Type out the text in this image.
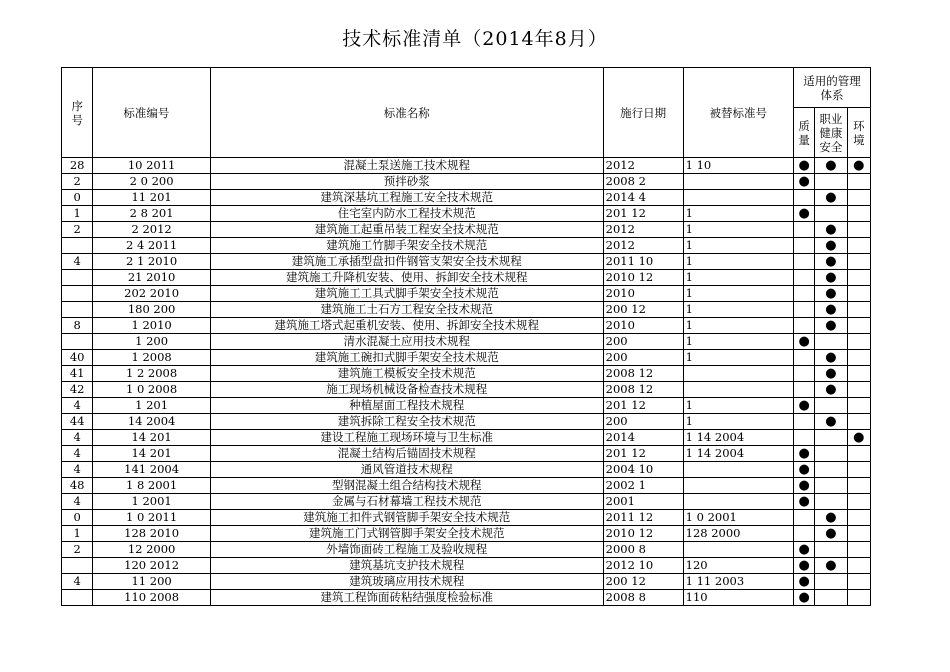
技术标准清单（2014年8月）
序号	标准编号	标准名称	施行日期	被替标准号	适用的管理体系		
					质量	职业健康安全	环境
28	10 2011	混凝土泵送施工技术规程	2012	1 10	●	●	●
2	2 0 200	预拌砂浆	2008 2		●		
0	11 201	建筑深基坑工程施工安全技术规范	2014 4			●	
1	2 8 201	住宅室内防水工程技术规范	201 12	1	●		
2	2 2012	建筑施工起重吊装工程安全技术规范	2012	1		●	
	2 4 2011	建筑施工竹脚手架安全技术规范	2012	1		●	
4	2 1 2010	建筑施工承插型盘扣件钢管支架安全技术规程	2011 10	1		●	
	21 2010	建筑施工升降机安装、使用、拆卸安全技术规程	2010 12	1		●	
	202 2010	建筑施工工具式脚手架安全技术规范	2010	1		●	
	180 200	建筑施工土石方工程安全技术规范	200 12	1		●	
8	1 2010	建筑施工塔式起重机安装、使用、拆卸安全技术规程	2010	1		●	
	1 200	清水混凝土应用技术规程	200	1	●		
40	1 2008	建筑施工碗扣式脚手架安全技术规范	200	1		●	
41	1 2 2008	建筑施工模板安全技术规范	2008 12			●	
42	1 0 2008	施工现场机械设备检查技术规程	2008 12			●	
4	1 201	种植屋面工程技术规程	201 12	1	●		
44	14 2004	建筑拆除工程安全技术规范	200	1		●	
4	14 201	建设工程施工现场环境与卫生标准	2014	1 14 2004			●
4	14 201	混凝土结构后锚固技术规程	201 12	1 14 2004	●		
4	141 2004	通风管道技术规程	2004 10		●		
48	1 8 2001	型钢混凝土组合结构技术规程	2002 1		●		
4	1 2001	金属与石材幕墙工程技术规范	2001		●		
0	1 0 2011	建筑施工扣件式钢管脚手架安全技术规范	2011 12	1 0 2001		●	
1	128 2010	建筑施工门式钢管脚手架安全技术规范	2010 12	128 2000		●	
2	12 2000	外墙饰面砖工程施工及验收规程	2000 8		●		
	120 2012	建筑基坑支护技术规程	2012 10	120	●	●	
4	11 200	建筑玻璃应用技术规程	200 12	1 11 2003	●		
	110 2008	建筑工程饰面砖粘结强度检验标准	2008 8	110	●		
